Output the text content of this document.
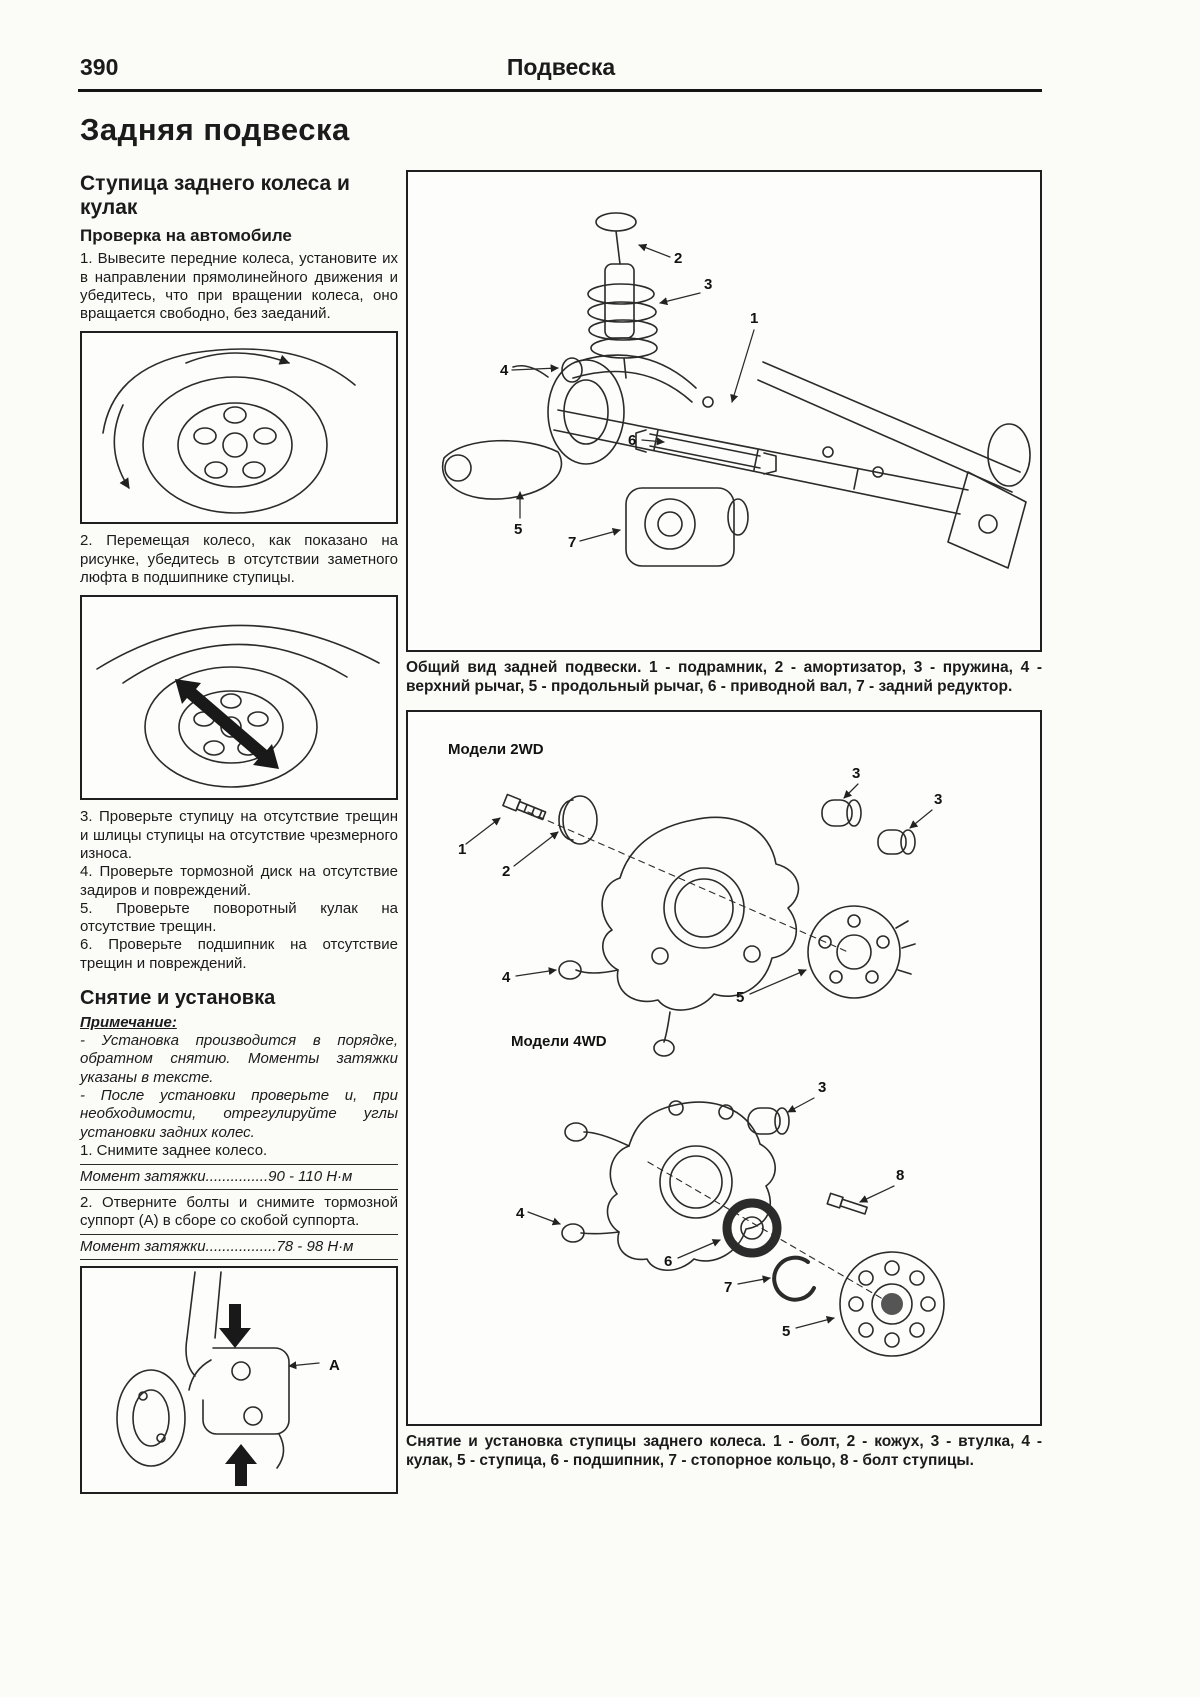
390	Подвеска
Задняя подвеска
Ступица заднего колеса и кулак
Проверка на автомобиле

1. Вывесите передние колеса, установите их в направлении прямолинейного движения и убедитесь, что при вращении колеса, оно вращается свободно, без заеданий.

2. Перемещая колесо, как показано на рисунке, убедитесь в отсутствии заметного люфта в подшипнике ступицы.

3. Проверьте ступицу на отсутствие трещин и шлицы ступицы на отсутствие чрезмерного износа.

4. Проверьте тормозной диск на отсутствие задиров и повреждений.

5. Проверьте поворотный кулак на отсутствие трещин.

6. Проверьте подшипник на отсутствие трещин и повреждений.

Снятие и установка

Примечание:

- Установка производится в порядке, обратном снятию. Моменты затяжки указаны в тексте.

- После установки проверьте и, при необходимости, отрегулируйте углы установки задних колес.

1. Снимите заднее колесо.

Момент затяжки...............90 - 110 Н·м

2. Отверните болты и снимите тормозной суппорт (А) в сборе со скобой суппорта.

Момент затяжки.................78 - 98 Н·м

А
2
3
1
4
5
6
7

Общий вид задней подвески. 1 - подрамник, 2 - амортизатор, 3 - пружина, 4 - верхний рычаг, 5 - продольный рычаг, 6 - приводной вал, 7 - задний редуктор.

Модели 2WD
1
2
3
3
4
5
Модели 4WD
3
8
6
7
5
4

Снятие и установка ступицы заднего колеса. 1 - болт, 2 - кожух, 3 - втулка, 4 - кулак, 5 - ступица, 6 - подшипник, 7 - стопорное кольцо, 8 - болт ступицы.
